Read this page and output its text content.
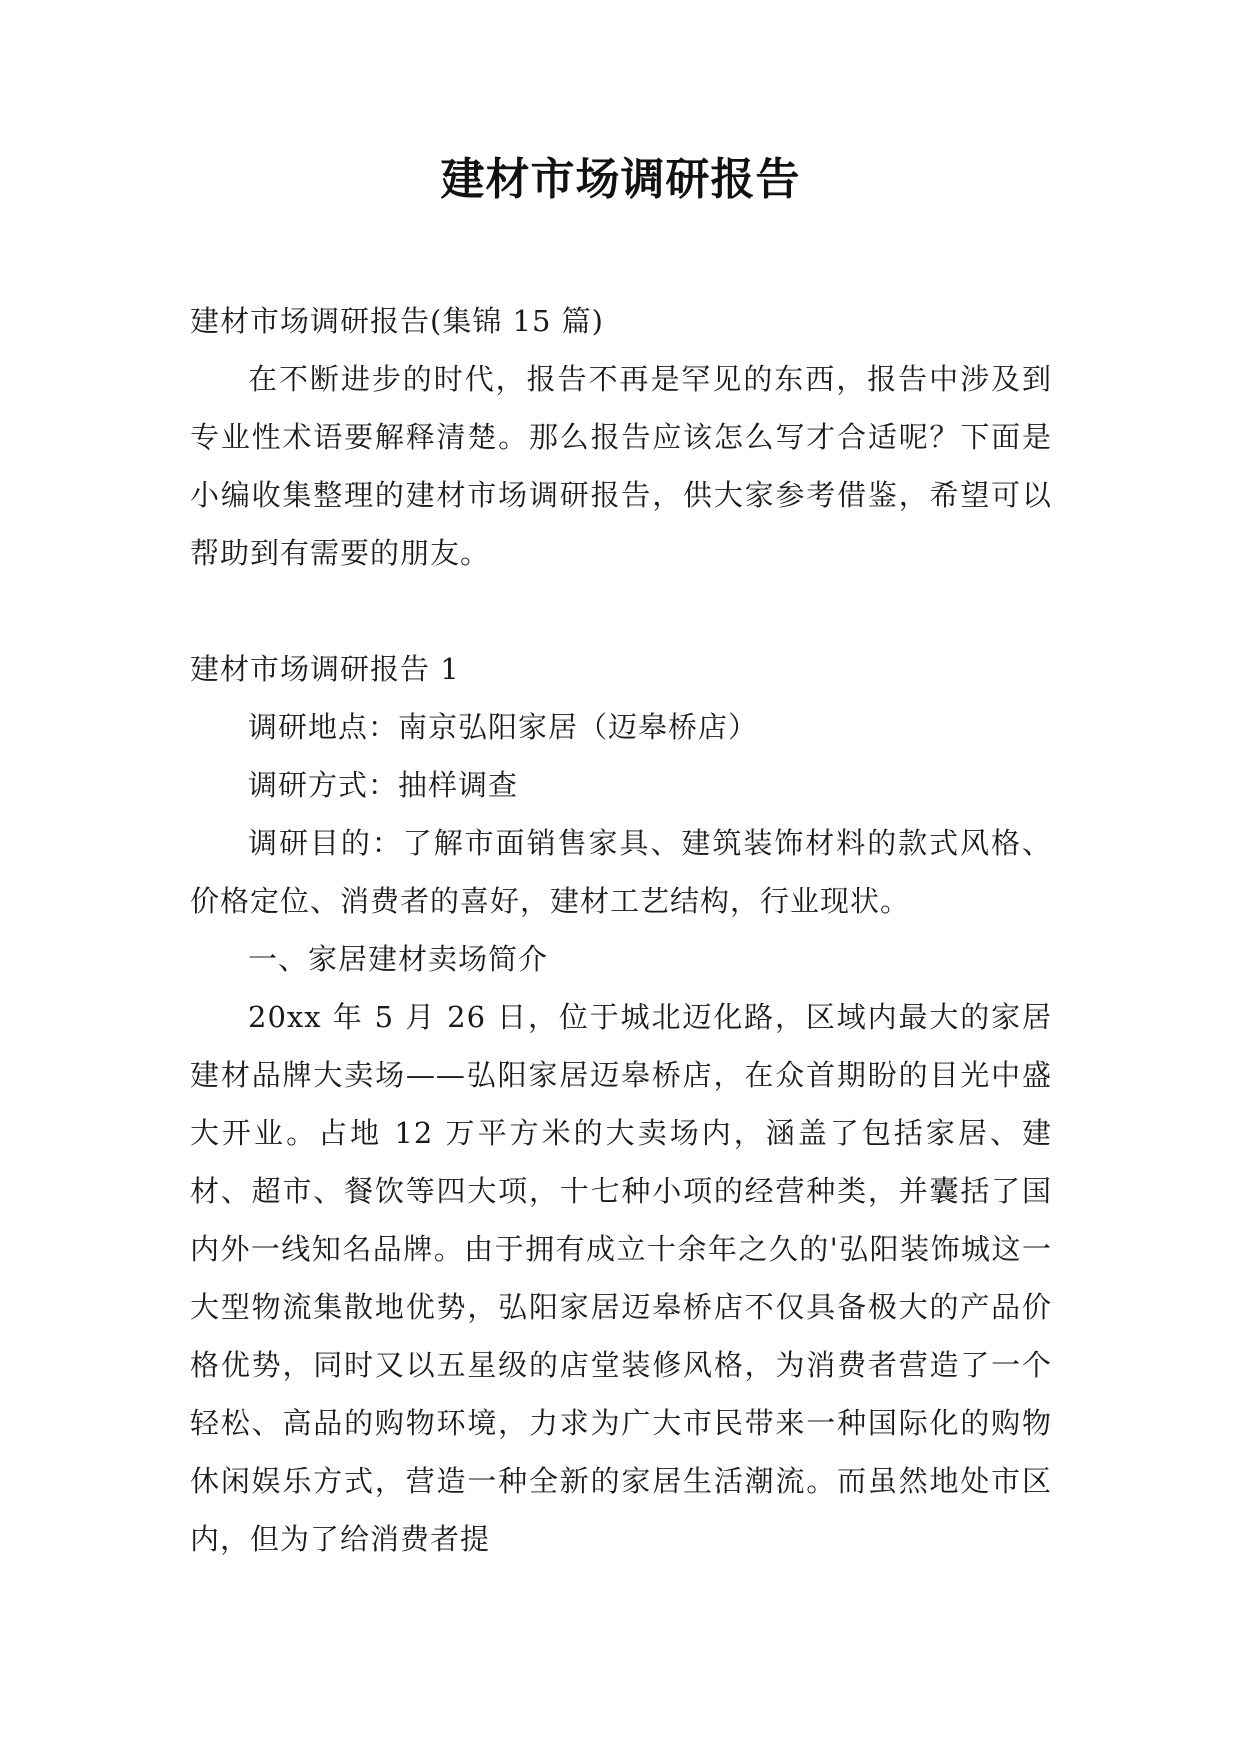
建材市场调研报告

建材市场调研报告(集锦 15 篇)

在不断进步的时代，报告不再是罕见的东西，报告中涉及到专业性术语要解释清楚。那么报告应该怎么写才合适呢？下面是小编收集整理的建材市场调研报告，供大家参考借鉴，希望可以帮助到有需要的朋友。

建材市场调研报告 1

调研地点：南京弘阳家居（迈皋桥店）

调研方式：抽样调查

调研目的：了解市面销售家具、建筑装饰材料的款式风格、价格定位、消费者的喜好，建材工艺结构，行业现状。

一、家居建材卖场简介

20xx 年 5 月 26 日，位于城北迈化路，区域内最大的家居建材品牌大卖场——弘阳家居迈皋桥店，在众首期盼的目光中盛大开业。占地 12 万平方米的大卖场内，涵盖了包括家居、建材、超市、餐饮等四大项，十七种小项的经营种类，并囊括了国内外一线知名品牌。由于拥有成立十余年之久的'弘阳装饰城这一大型物流集散地优势，弘阳家居迈皋桥店不仅具备极大的产品价格优势，同时又以五星级的店堂装修风格，为消费者营造了一个轻松、高品的购物环境，力求为广大市民带来一种国际化的购物休闲娱乐方式，营造一种全新的家居生活潮流。而虽然地处市区内，但为了给消费者提
